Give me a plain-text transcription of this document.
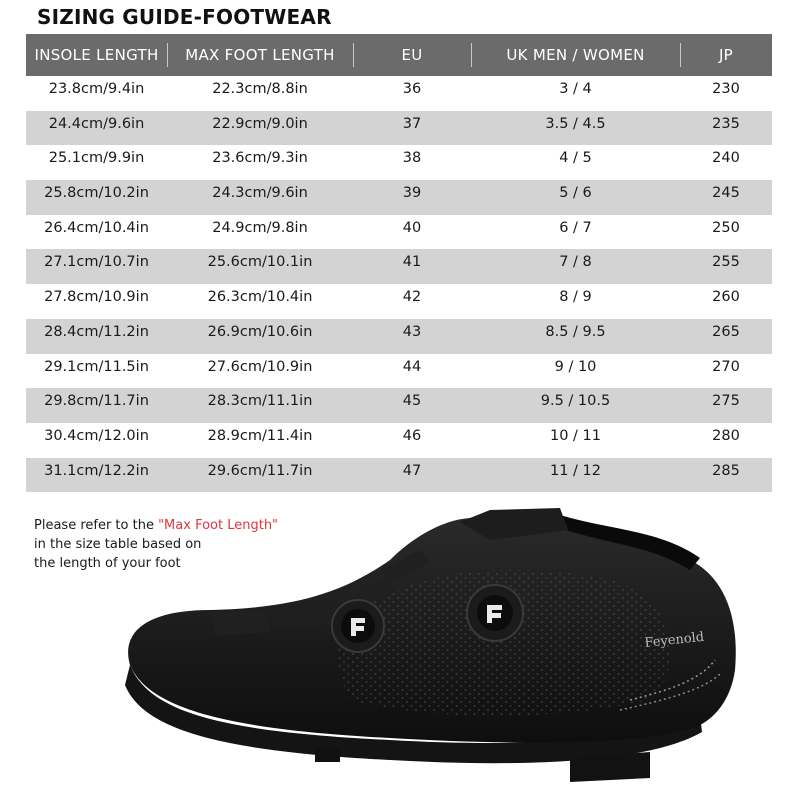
SIZING GUIDE-FOOTWEAR
INSOLE LENGTH	MAX FOOT LENGTH	EU	UK MEN / WOMEN	JP
23.8cm/9.4in	22.3cm/8.8in	36	3 / 4	230
24.4cm/9.6in	22.9cm/9.0in	37	3.5 / 4.5	235
25.1cm/9.9in	23.6cm/9.3in	38	4 / 5	240
25.8cm/10.2in	24.3cm/9.6in	39	5 / 6	245
26.4cm/10.4in	24.9cm/9.8in	40	6 / 7	250
27.1cm/10.7in	25.6cm/10.1in	41	7 / 8	255
27.8cm/10.9in	26.3cm/10.4in	42	8 / 9	260
28.4cm/11.2in	26.9cm/10.6in	43	8.5 / 9.5	265
29.1cm/11.5in	27.6cm/10.9in	44	9 / 10	270
29.8cm/11.7in	28.3cm/11.1in	45	9.5 / 10.5	275
30.4cm/12.0in	28.9cm/11.4in	46	10 / 11	280
31.1cm/12.2in	29.6cm/11.7in	47	11 / 12	285
Please refer to the "Max Foot Length"
in the size table based on
the length of your foot
Feyenold
